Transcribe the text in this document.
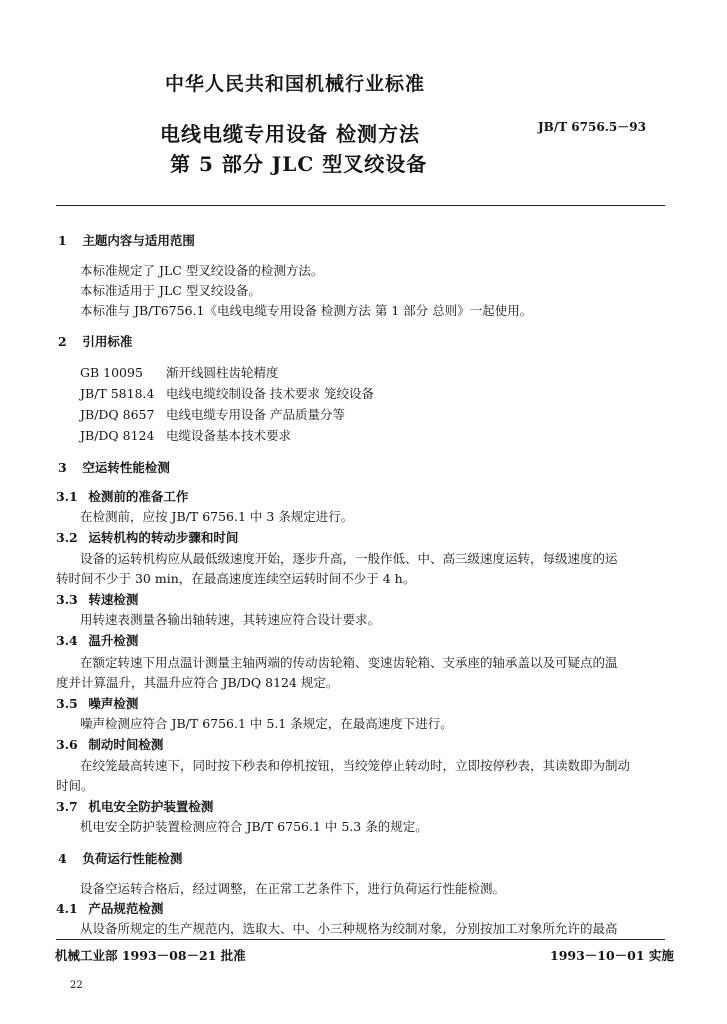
中华人民共和国机械行业标准
电线电缆专用设备 检测方法
第 5 部分 JLC 型叉绞设备
JB/T 6756.5－93
1 主题内容与适用范围
本标准规定了 JLC 型叉绞设备的检测方法。
本标准适用于 JLC 型叉绞设备。
本标准与 JB/T6756.1《电线电缆专用设备 检测方法 第 1 部分 总则》一起使用。
2 引用标准
GB 10095 渐开线圆柱齿轮精度
JB/T 5818.4 电线电缆绞制设备 技术要求 笼绞设备
JB/DQ 8657 电线电缆专用设备 产品质量分等
JB/DQ 8124 电缆设备基本技术要求
3 空运转性能检测
3.1 检测前的准备工作
在检测前，应按 JB/T 6756.1 中 3 条规定进行。
3.2 运转机构的转动步骤和时间
设备的运转机构应从最低级速度开始，逐步升高，一般作低、中、高三级速度运转，每级速度的运
转时间不少于 30 min，在最高速度连续空运转时间不少于 4 h。
3.3 转速检测
用转速表测量各输出轴转速，其转速应符合设计要求。
3.4 温升检测
在额定转速下用点温计测量主轴两端的传动齿轮箱、变速齿轮箱、支承座的轴承盖以及可疑点的温
度并计算温升，其温升应符合 JB/DQ 8124 规定。
3.5 噪声检测
噪声检测应符合 JB/T 6756.1 中 5.1 条规定，在最高速度下进行。
3.6 制动时间检测
在绞笼最高转速下，同时按下秒表和停机按钮，当绞笼停止转动时，立即按停秒表，其读数即为制动
时间。
3.7 机电安全防护装置检测
机电安全防护装置检测应符合 JB/T 6756.1 中 5.3 条的规定。
4 负荷运行性能检测
设备空运转合格后，经过调整，在正常工艺条件下，进行负荷运行性能检测。
4.1 产品规范检测
从设备所规定的生产规范内，选取大、中、小三种规格为绞制对象，分别按加工对象所允许的最高
机械工业部 1993－08－21 批准	1993－10－01 实施
22
